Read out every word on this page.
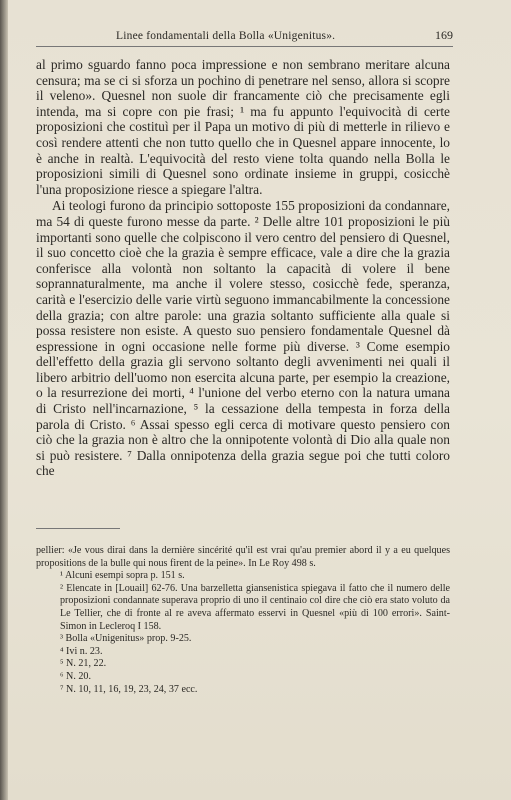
Linee fondamentali della Bolla «Unigenitus».	169

al primo sguardo fanno poca impressione e non sembrano meritare alcuna censura; ma se ci si sforza un pochino di penetrare nel senso, allora si scopre il veleno». Quesnel non suole dir francamente ciò che precisamente egli intenda, ma si copre con pie frasi; ¹ ma fu appunto l'equivocità di certe proposizioni che costituì per il Papa un motivo di più di metterle in rilievo e così rendere attenti che non tutto quello che in Quesnel appare innocente, lo è anche in realtà. L'equivocità del resto viene tolta quando nella Bolla le proposizioni simili di Quesnel sono ordinate insieme in gruppi, cosicchè l'una proposizione riesce a spiegare l'altra.

Ai teologi furono da principio sottoposte 155 proposizioni da condannare, ma 54 di queste furono messe da parte. ² Delle altre 101 proposizioni le più importanti sono quelle che colpiscono il vero centro del pensiero di Quesnel, il suo concetto cioè che la grazia è sempre efficace, vale a dire che la grazia conferisce alla volontà non soltanto la capacità di volere il bene soprannaturalmente, ma anche il volere stesso, cosicchè fede, speranza, carità e l'esercizio delle varie virtù seguono immancabilmente la concessione della grazia; con altre parole: una grazia soltanto sufficiente alla quale si possa resistere non esiste. A questo suo pensiero fondamentale Quesnel dà espressione in ogni occasione nelle forme più diverse. ³ Come esempio dell'effetto della grazia gli servono soltanto degli avvenimenti nei quali il libero arbitrio dell'uomo non esercita alcuna parte, per esempio la creazione, o la resurrezione dei morti, ⁴ l'unione del verbo eterno con la natura umana di Cristo nell'incarnazione, ⁵ la cessazione della tempesta in forza della parola di Cristo. ⁶ Assai spesso egli cerca di motivare questo pensiero con ciò che la grazia non è altro che la onnipotente volontà di Dio alla quale non si può resistere. ⁷ Dalla onnipotenza della grazia segue poi che tutti coloro che

pellier: «Je vous dirai dans la dernière sincérité qu'il est vrai qu'au premier abord il y a eu quelques propositions de la bulle qui nous firent de la peine». In Le Roy 498 s.

¹ Alcuni esempi sopra p. 151 s.

² Elencate in [Louail] 62-76. Una barzelletta giansenistica spiegava il fatto che il numero delle proposizioni condannate superava proprio di uno il centinaio col dire che ciò era stato voluto da Le Tellier, che di fronte al re aveva affermato esservi in Quesnel «più di 100 errori». Saint-Simon in Lecleroq I 158.

³ Bolla «Unigenitus» prop. 9-25.

⁴ Ivi n. 23.

⁵ N. 21, 22.

⁶ N. 20.

⁷ N. 10, 11, 16, 19, 23, 24, 37 ecc.
